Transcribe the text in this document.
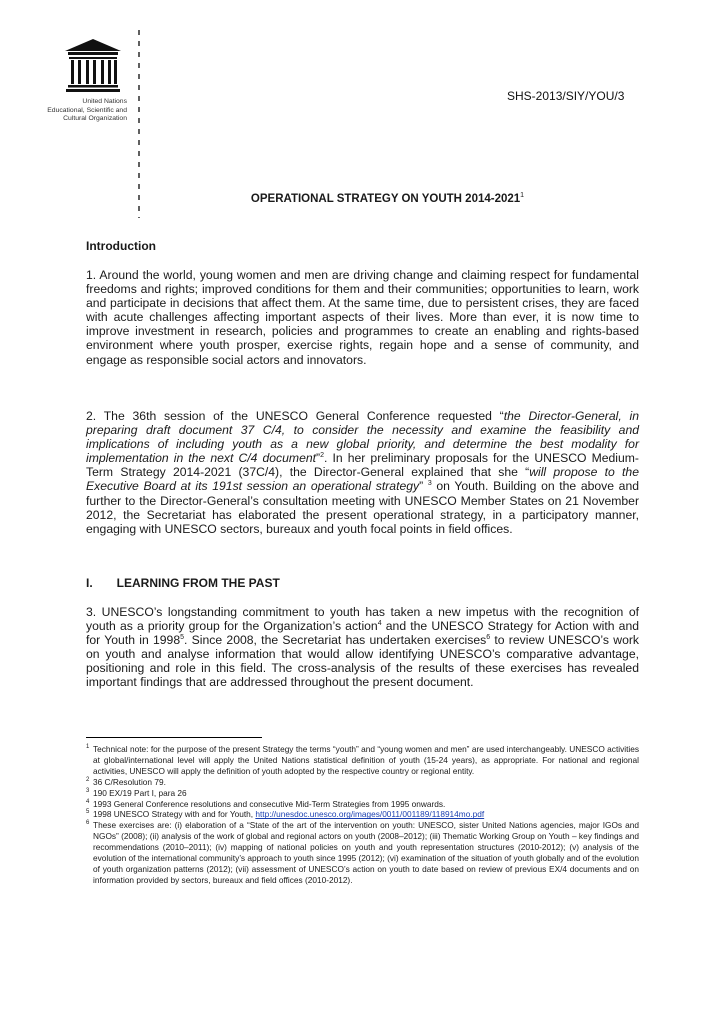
United Nations
Educational, Scientific and
Cultural Organization
SHS-2013/SIY/YOU/3
OPERATIONAL STRATEGY ON YOUTH 2014-2021$^1$
Introduction
1. Around the world, young women and men are driving change and claiming respect for fundamental freedoms and rights; improved conditions for them and their communities; opportunities to learn, work and participate in decisions that affect them. At the same time, due to persistent crises, they are faced with acute challenges affecting important aspects of their lives. More than ever, it is now time to improve investment in research, policies and programmes to create an enabling and rights-based environment where youth prosper, exercise rights, regain hope and a sense of community, and engage as responsible social actors and innovators.
2. The 36th session of the UNESCO General Conference requested “the Director-General, in preparing draft document 37 C/4, to consider the necessity and examine the feasibility and implications of including youth as a new global priority, and determine the best modality for implementation in the next C/4 document”$^2$. In her preliminary proposals for the UNESCO Medium-Term Strategy 2014-2021 (37C/4), the Director-General explained that she “will propose to the Executive Board at its 191st session an operational strategy” $^3$ on Youth. Building on the above and further to the Director-General’s consultation meeting with UNESCO Member States on 21 November 2012, the Secretariat has elaborated the present operational strategy, in a participatory manner, engaging with UNESCO sectors, bureaux and youth focal points in field offices.
I. LEARNING FROM THE PAST
3. UNESCO’s longstanding commitment to youth has taken a new impetus with the recognition of youth as a priority group for the Organization’s action$^4$ and the UNESCO Strategy for Action with and for Youth in 1998$^5$. Since 2008, the Secretariat has undertaken exercises$^6$ to review UNESCO’s work on youth and analyse information that would allow identifying UNESCO’s comparative advantage, positioning and role in this field. The cross-analysis of the results of these exercises has revealed important findings that are addressed throughout the present document.
1 Technical note: for the purpose of the present Strategy the terms “youth” and “young women and men” are used interchangeably. UNESCO activities at global/international level will apply the United Nations statistical definition of youth (15-24 years), as appropriate. For national and regional activities, UNESCO will apply the definition of youth adopted by the respective country or regional entity.
2 36 C/Resolution 79.
3 190 EX/19 Part I, para 26
4 1993 General Conference resolutions and consecutive Mid-Term Strategies from 1995 onwards.
5 1998 UNESCO Strategy with and for Youth, http://unesdoc.unesco.org/images/0011/001189/118914mo.pdf
6 These exercises are: (i) elaboration of a “State of the art of the intervention on youth: UNESCO, sister United Nations agencies, major IGOs and NGOs” (2008); (ii) analysis of the work of global and regional actors on youth (2008–2012); (iii) Thematic Working Group on Youth – key findings and recommendations (2010–2011); (iv) mapping of national policies on youth and youth representation structures (2010-2012); (v) analysis of the evolution of the international community’s approach to youth since 1995 (2012); (vi) examination of the situation of youth globally and of the evolution of youth organization patterns (2012); (vii) assessment of UNESCO’s action on youth to date based on review of previous EX/4 documents and on information provided by sectors, bureaux and field offices (2010-2012).
